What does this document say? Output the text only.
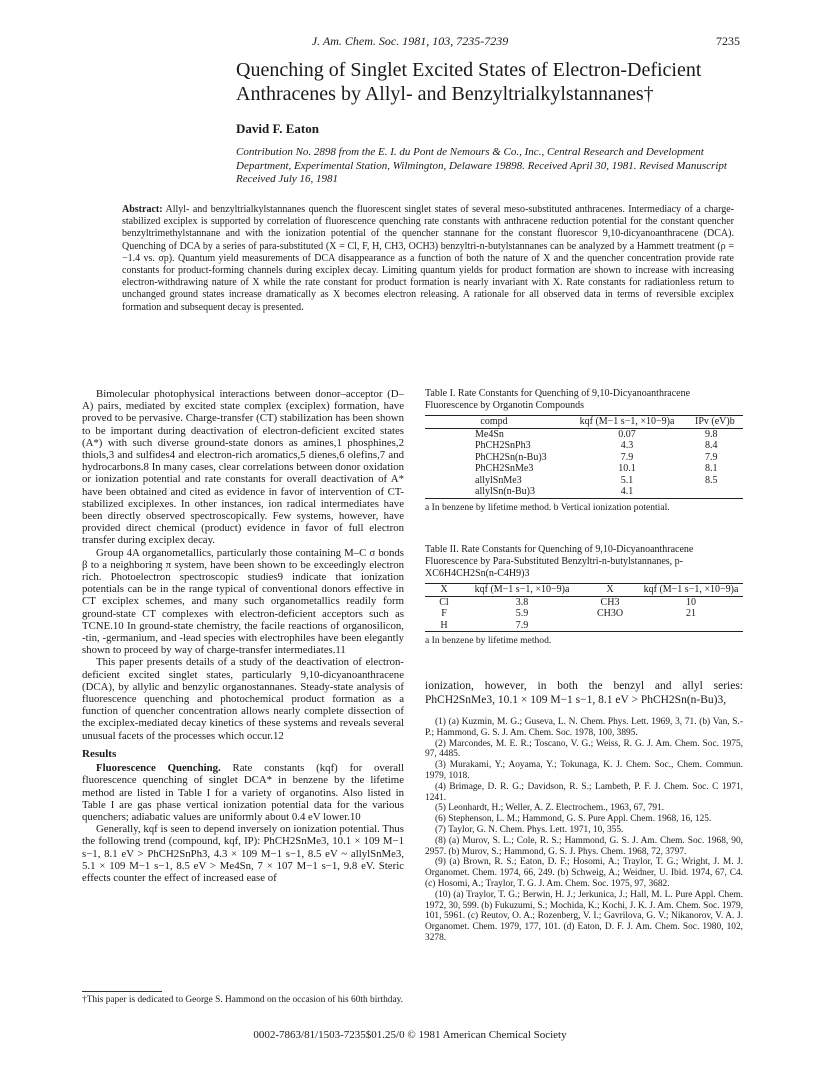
J. Am. Chem. Soc. 1981, 103, 7235-7239	7235
Quenching of Singlet Excited States of Electron-Deficient Anthracenes by Allyl- and Benzyltrialkylstannanes†
David F. Eaton
Contribution No. 2898 from the E. I. du Pont de Nemours & Co., Inc., Central Research and Development Department, Experimental Station, Wilmington, Delaware 19898. Received April 30, 1981. Revised Manuscript Received July 16, 1981
Abstract: Allyl- and benzyltrialkylstannanes quench the fluorescent singlet states of several meso-substituted anthracenes. Intermediacy of a charge-stabilized exciplex is supported by correlation of fluorescence quenching rate constants with anthracene reduction potential for the constant quencher benzyltrimethylstannane and with the ionization potential of the quencher stannane for the constant fluorescor 9,10-dicyanoanthracene (DCA). Quenching of DCA by a series of para-substituted (X = Cl, F, H, CH3, OCH3) benzyltri-n-butylstannanes can be analyzed by a Hammett treatment (ρ = −1.4 vs. σp). Quantum yield measurements of DCA disappearance as a function of both the nature of X and the quencher concentration provide rate constants for product-forming channels during exciplex decay. Limiting quantum yields for product formation are shown to increase with increasing electron-withdrawing nature of X while the rate constant for product formation is nearly invariant with X. Rate constants for radiationless return to unchanged ground states increase dramatically as X becomes electron releasing. A rationale for all observed data in terms of reversible exciplex formation and subsequent decay is presented.

Bimolecular photophysical interactions between donor–acceptor (D–A) pairs, mediated by excited state complex (exciplex) formation, have proved to be pervasive. Charge-transfer (CT) stabilization has been shown to be important during deactivation of electron-deficient excited states (A*) with such diverse ground-state donors as amines,1 phosphines,2 thiols,3 and sulfides4 and electron-rich aromatics,5 dienes,6 olefins,7 and hydrocarbons.8 In many cases, clear correlations between donor oxidation or ionization potential and rate constants for overall deactivation of A* have been obtained and cited as evidence in favor of intervention of CT-stabilized exciplexes. In other instances, ion radical intermediates have been directly observed spectroscopically. Few systems, however, have provided direct chemical (product) evidence in favor of full electron transfer during exciplex decay.

Group 4A organometallics, particularly those containing M–C σ bonds β to a neighboring π system, have been shown to be exceedingly electron rich. Photoelectron spectroscopic studies9 indicate that ionization potentials can be in the range typical of conventional donors effective in CT exciplex schemes, and many such organometallics readily form ground-state CT complexes with electron-deficient acceptors such as TCNE.10 In ground-state chemistry, the facile reactions of organosilicon, -tin, -germanium, and -lead species with electrophiles have been elegantly shown to proceed by way of charge-transfer intermediates.11

This paper presents details of a study of the deactivation of electron-deficient excited singlet states, particularly 9,10-dicyanoanthracene (DCA), by allylic and benzylic organostannanes. Steady-state analysis of fluorescence quenching and photochemical product formation as a function of quencher concentration allows nearly complete dissection of the exciplex-mediated decay kinetics of these systems and reveals several unusual facets of the processes which occur.12

Results

Fluorescence Quenching. Rate constants (kqf) for overall fluorescence quenching of singlet DCA* in benzene by the lifetime method are listed in Table I for a variety of organotins. Also listed in Table I are gas phase vertical ionization potential data for the various quenchers; adiabatic values are uniformly about 0.4 eV lower.10

Generally, kqf is seen to depend inversely on ionization potential. Thus the following trend (compound, kqf, IP): PhCH2SnMe3, 10.1 × 109 M−1 s−1, 8.1 eV > PhCH2SnPh3, 4.3 × 109 M−1 s−1, 8.5 eV ~ allylSnMe3, 5.1 × 109 M−1 s−1, 8.5 eV > Me4Sn, 7 × 107 M−1 s−1, 9.8 eV. Steric effects counter the effect of increased ease of

†This paper is dedicated to George S. Hammond on the occasion of his 60th birthday.
Table I. Rate Constants for Quenching of 9,10-Dicyanoanthracene Fluorescence by Organotin Compounds
compd	kqf (M−1 s−1, ×10−9)a	IPv (eV)b
Me4Sn	0.07	9.8
PhCH2SnPh3	4.3	8.4
PhCH2Sn(n-Bu)3	7.9	7.9
PhCH2SnMe3	10.1	8.1
allylSnMe3	5.1	8.5
allylSn(n-Bu)3	4.1	
a In benzene by lifetime method. b Vertical ionization potential.
Table II. Rate Constants for Quenching of 9,10-Dicyanoanthracene Fluorescence by Para-Substituted Benzyltri-n-butylstannanes, p-XC6H4CH2Sn(n-C4H9)3
X	kqf (M−1 s−1, ×10−9)a	X	kqf (M−1 s−1, ×10−9)a
Cl	3.8	CH3	10
F	5.9	CH3O	21
H	7.9		
a In benzene by lifetime method.
ionization, however, in both the benzyl and allyl series: PhCH2SnMe3, 10.1 × 109 M−1 s−1, 8.1 eV > PhCH2Sn(n-Bu)3,
(1) (a) Kuzmin, M. G.; Guseva, L. N. Chem. Phys. Lett. 1969, 3, 71. (b) Van, S.-P.; Hammond, G. S. J. Am. Chem. Soc. 1978, 100, 3895.
(2) Marcondes, M. E. R.; Toscano, V. G.; Weiss, R. G. J. Am. Chem. Soc. 1975, 97, 4485.
(3) Murakami, Y.; Aoyama, Y.; Tokunaga, K. J. Chem. Soc., Chem. Commun. 1979, 1018.
(4) Brimage, D. R. G.; Davidson, R. S.; Lambeth, P. F. J. Chem. Soc. C 1971, 1241.
(5) Leonhardt, H.; Weller, A. Z. Electrochem., 1963, 67, 791.
(6) Stephenson, L. M.; Hammond, G. S. Pure Appl. Chem. 1968, 16, 125.
(7) Taylor, G. N. Chem. Phys. Lett. 1971, 10, 355.
(8) (a) Murov, S. L.; Cole, R. S.; Hammond, G. S. J. Am. Chem. Soc. 1968, 90, 2957. (b) Murov, S.; Hammond, G. S. J. Phys. Chem. 1968, 72, 3797.
(9) (a) Brown, R. S.; Eaton, D. F.; Hosomi, A.; Traylor, T. G.; Wright, J. M. J. Organomet. Chem. 1974, 66, 249. (b) Schweig, A.; Weidner, U. Ibid. 1974, 67, C4. (c) Hosomi, A.; Traylor, T. G. J. Am. Chem. Soc. 1975, 97, 3682.
(10) (a) Traylor, T. G.; Berwin, H. J.; Jerkunica, J.; Hall, M. L. Pure Appl. Chem. 1972, 30, 599. (b) Fukuzumi, S.; Mochida, K.; Kochi, J. K. J. Am. Chem. Soc. 1979, 101, 5961. (c) Reutov, O. A.; Rozenberg, V. I.; Gavrilova, G. V.; Nikanorov, V. A. J. Organomet. Chem. 1979, 177, 101. (d) Eaton, D. F. J. Am. Chem. Soc. 1980, 102, 3278.
0002-7863/81/1503-7235$01.25/0 © 1981 American Chemical Society
